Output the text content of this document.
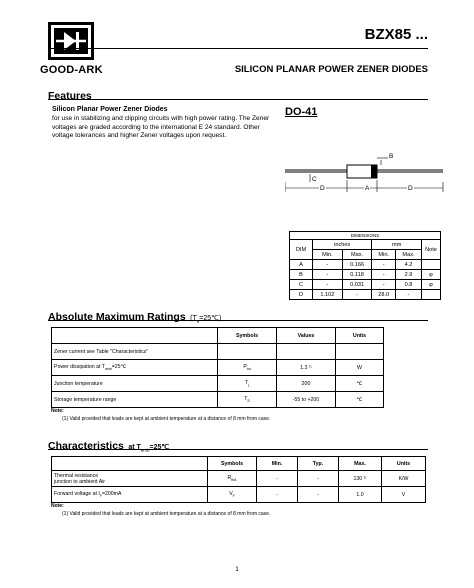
GOOD-ARK
BZX85 ...
SILICON PLANAR POWER ZENER DIODES
Features
Silicon Planar Power Zener Diodes
for use in stabilizing and clipping circuits with high power rating. The Zener voltages are graded according to the international E 24 standard. Other voltage tolerances and higher Zener voltages upon request.
DO-41
B
C
D	A	D
DIMENSIONS					
DIM	inches		mm		Note
	Min.	Max.	Min.	Max.	
A	-	0.166	-	4.2	
B	-	0.118	-	2.9	φ
C	-	0.031	-	0.8	φ
D	1.102	-	28.0	-	
Absolute Maximum Ratings $(T_a=25℃)$
	Symbols	Values	Units
Zener current see Table "Characteristics"			
Power dissipation at $T_{amb}=25℃$	$P_{tot}$	1.3 ¹⁾	W
Junction temperature	$T_j$	200	℃
Storage temperature range	$T_S$	-55 to +200	℃
Note:
(1) Valid provided that leads are kept at ambient temperature at a distance of 8 mm from case.
Characteristics at $T_{amb}=25℃$
	Symbols	Min.	Typ.	Max.	Units
Thermal resistance
junction to ambient Air	$R_{thA}$	-	-	130 ¹⁾	K/W
Forward voltage at $I_F=200mA$	$V_F$	-	-	1.0	V
Note:
(1) Valid provided that leads are kept at ambient temperature at a distance of 8 mm from case.
1
